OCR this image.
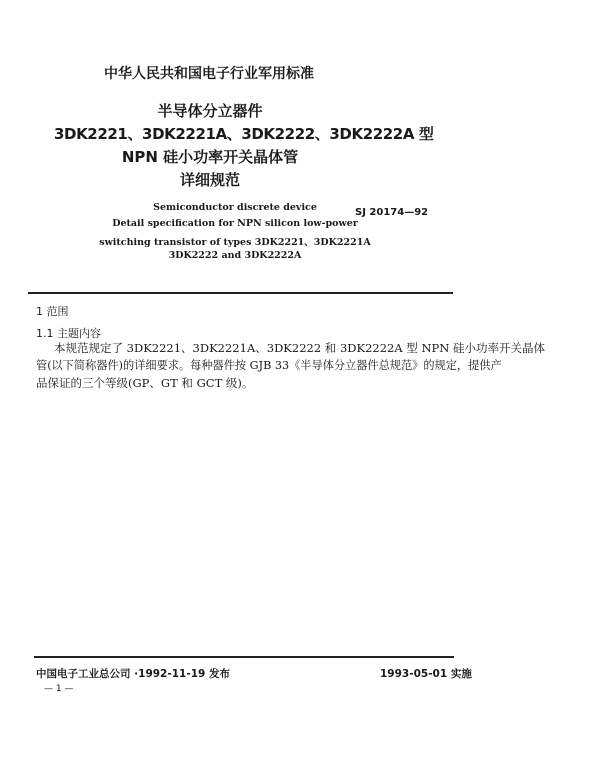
中华人民共和国电子行业军用标准
半导体分立器件
3DK2221、3DK2221A、3DK2222、3DK2222A 型
NPN 硅小功率开关晶体管
详细规范
Semiconductor discrete device
Detail specification for NPN silicon low-power
switching transistor of types 3DK2221、3DK2221A
3DK2222 and 3DK2222A
SJ 20174—92
1 范围
1.1 主题内容
本规范规定了 3DK2221、3DK2221A、3DK2222 和 3DK2222A 型 NPN 硅小功率开关晶体
管(以下简称器件)的详细要求。每种器件按 GJB 33《半导体分立器件总规范》的规定，提供产
品保证的三个等级(GP、GT 和 GCT 级)。
中国电子工业总公司 ·1992-11-19 发布	1993-05-01 实施
— 1 —
